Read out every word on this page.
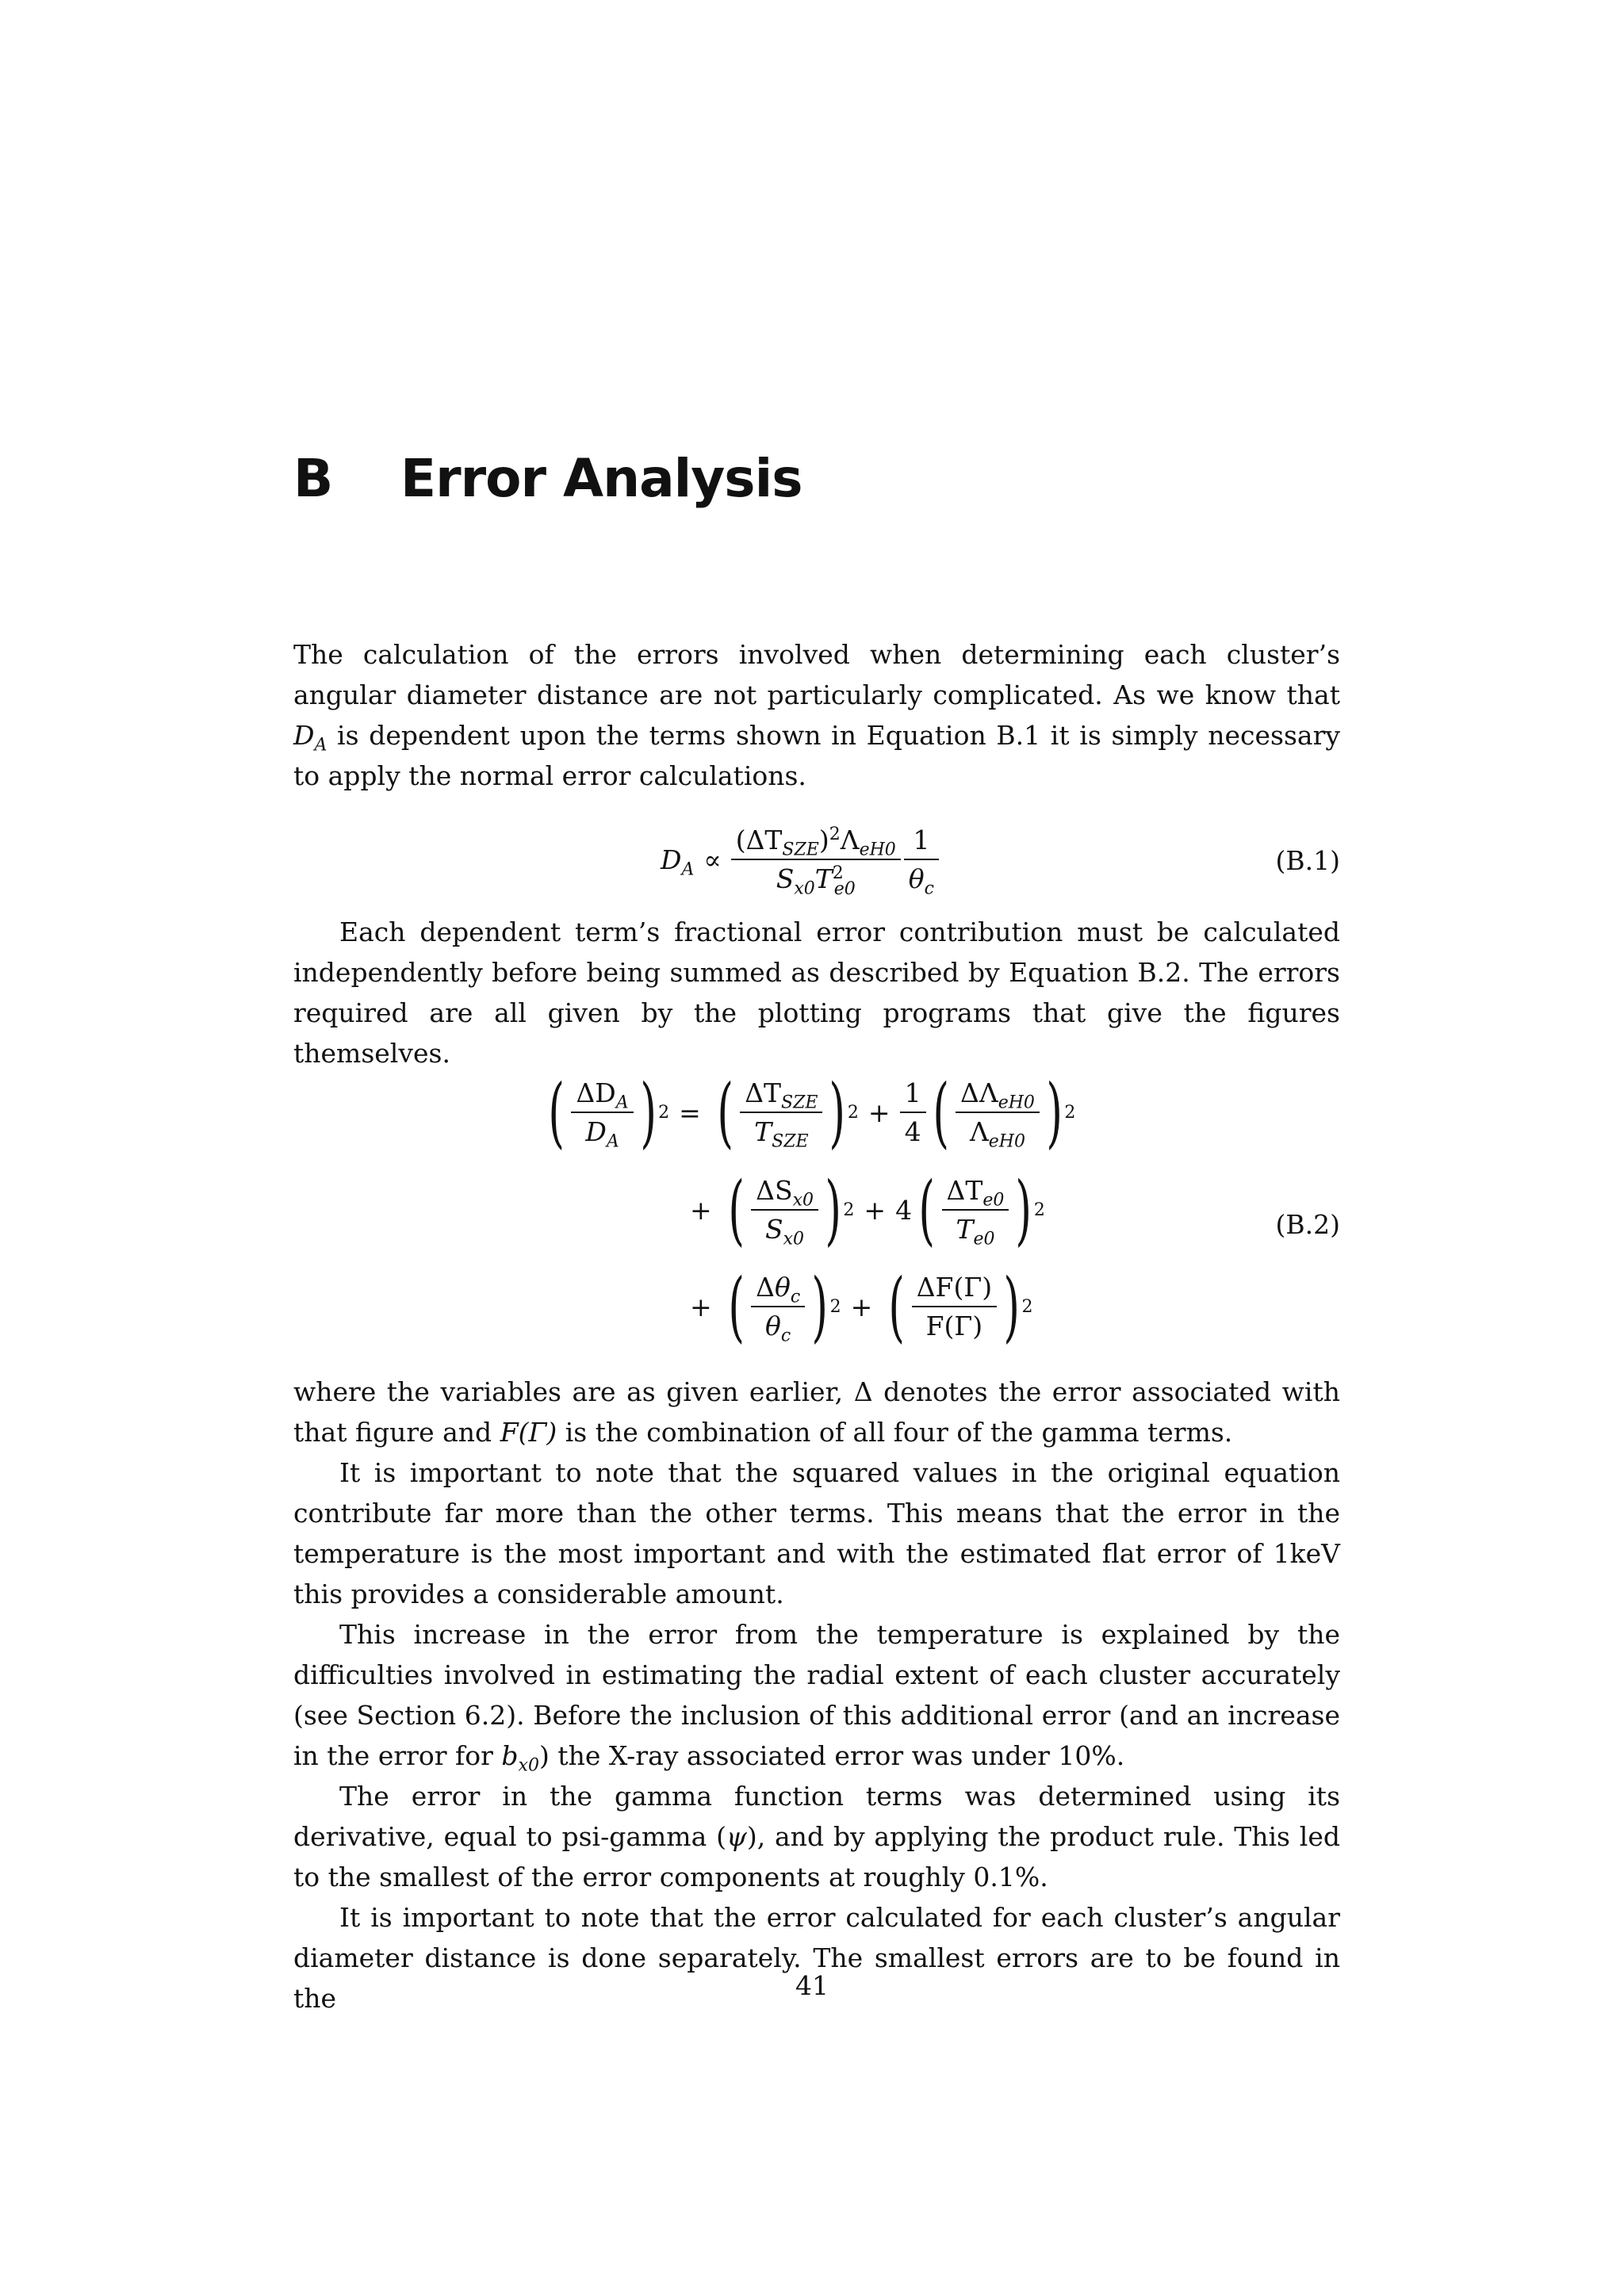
B Error Analysis

The calculation of the errors involved when determining each cluster’s angular diameter distance are not particularly complicated. As we know that $D_A$ is dependent upon the terms shown in Equation B.1 it is simply necessary to apply the normal error calculations.

$D_A \propto \frac{(\Delta T_{SZE})^2\Lambda_{eH0}}{S_{x0}T^2_{e0}} \frac{1}{\theta_c}$	(B.1)

Each dependent term’s fractional error contribution must be calculated independently before being summed as described by Equation B.2. The errors required are all given by the plotting programs that give the figures themselves.

( $\frac{\Delta D_A}{D_A}$ ) 2 = ( $\frac{\Delta T_{SZE}}{T_{SZE}}$ ) $2 + \frac{1}{4}$ ( $\frac{\Delta\Lambda_{eH0}}{\Lambda_{eH0}}$ ) 2
+ ( $\frac{\Delta S_{x0}}{S_{x0}}$ ) 2 + 4 ( $\frac{\Delta T_{e0}}{T_{e0}}$ ) 2
+ ( $\frac{\Delta\theta_c}{\theta_c}$ ) 2 + ( $\frac{\Delta F(\Gamma)}{F(\Gamma)}$ ) 2
(B.2)

where the variables are as given earlier, Δ denotes the error associated with that figure and F(Γ) is the combination of all four of the gamma terms.

It is important to note that the squared values in the original equation contribute far more than the other terms. This means that the error in the temperature is the most important and with the estimated flat error of 1keV this provides a considerable amount.

This increase in the error from the temperature is explained by the difficulties involved in estimating the radial extent of each cluster accurately (see Section 6.2). Before the inclusion of this additional error (and an increase in the error for $b_{x0}$) the X-ray associated error was under 10%.

The error in the gamma function terms was determined using its derivative, equal to psi-gamma (ψ), and by applying the product rule. This led to the smallest of the error components at roughly 0.1%.

It is important to note that the error calculated for each cluster’s angular diameter distance is done separately. The smallest errors are to be found in the	41
